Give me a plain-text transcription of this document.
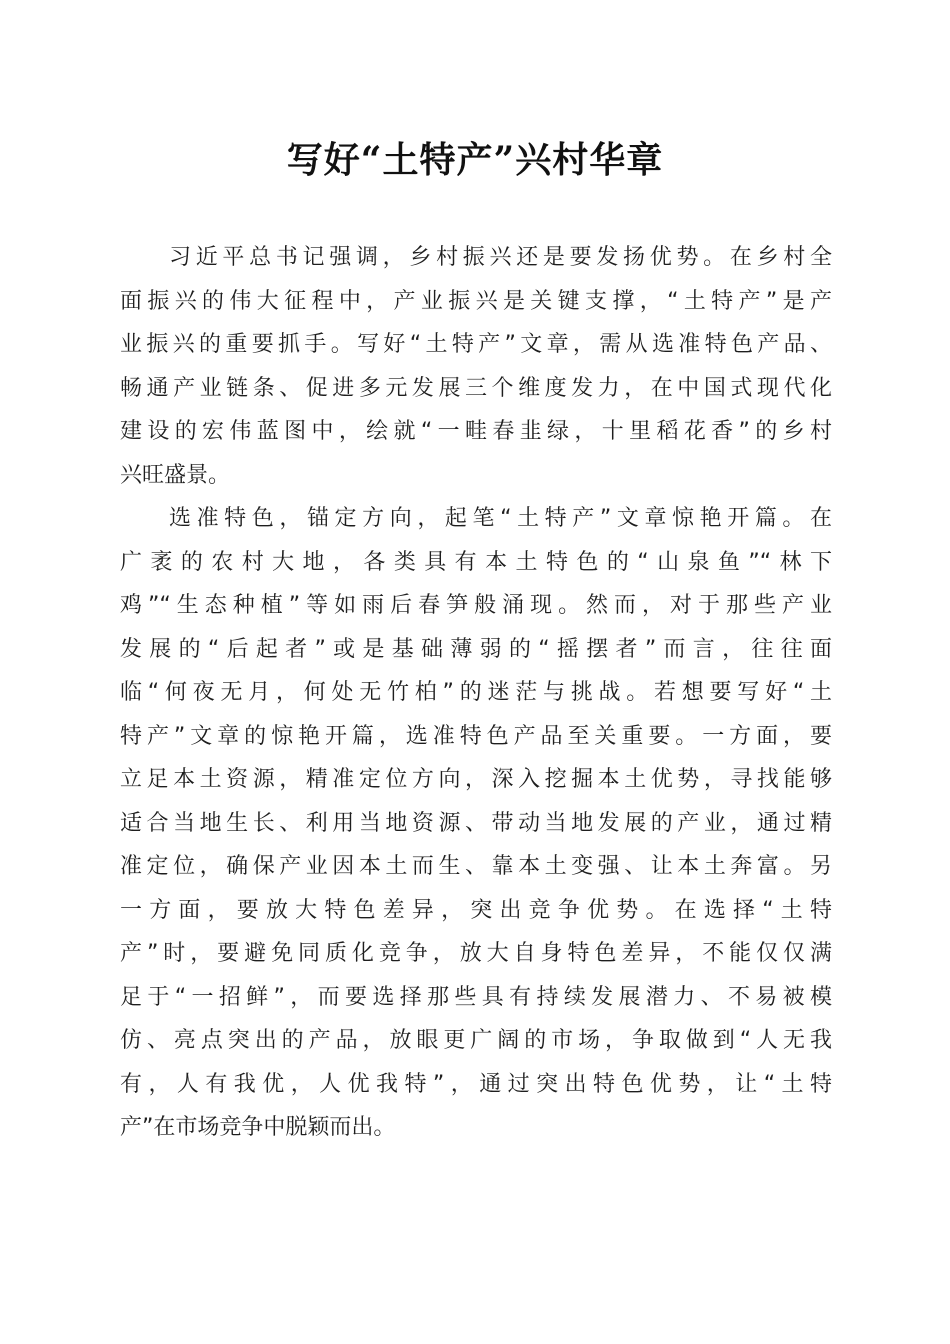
写好“土特产”兴村华章
习近平总书记强调，乡村振兴还是要发扬优势。在乡村全
面振兴的伟大征程中，产业振兴是关键支撑，“土特产”是产
业振兴的重要抓手。写好“土特产”文章，需从选准特色产品、
畅通产业链条、促进多元发展三个维度发力，在中国式现代化
建设的宏伟蓝图中，绘就“一畦春韭绿，十里稻花香”的乡村
兴旺盛景。
选准特色，锚定方向，起笔“土特产”文章惊艳开篇。在
广袤的农村大地，各类具有本土特色的“山泉鱼”“林下
鸡”“生态种植”等如雨后春笋般涌现。然而，对于那些产业
发展的“后起者”或是基础薄弱的“摇摆者”而言，往往面
临“何夜无月，何处无竹柏”的迷茫与挑战。若想要写好“土
特产”文章的惊艳开篇，选准特色产品至关重要。一方面，要
立足本土资源，精准定位方向，深入挖掘本土优势，寻找能够
适合当地生长、利用当地资源、带动当地发展的产业，通过精
准定位，确保产业因本土而生、靠本土变强、让本土奔富。另
一方面，要放大特色差异，突出竞争优势。在选择“土特
产”时，要避免同质化竞争，放大自身特色差异，不能仅仅满
足于“一招鲜”，而要选择那些具有持续发展潜力、不易被模
仿、亮点突出的产品，放眼更广阔的市场，争取做到“人无我
有，人有我优，人优我特”，通过突出特色优势，让“土特
产”在市场竞争中脱颖而出。
